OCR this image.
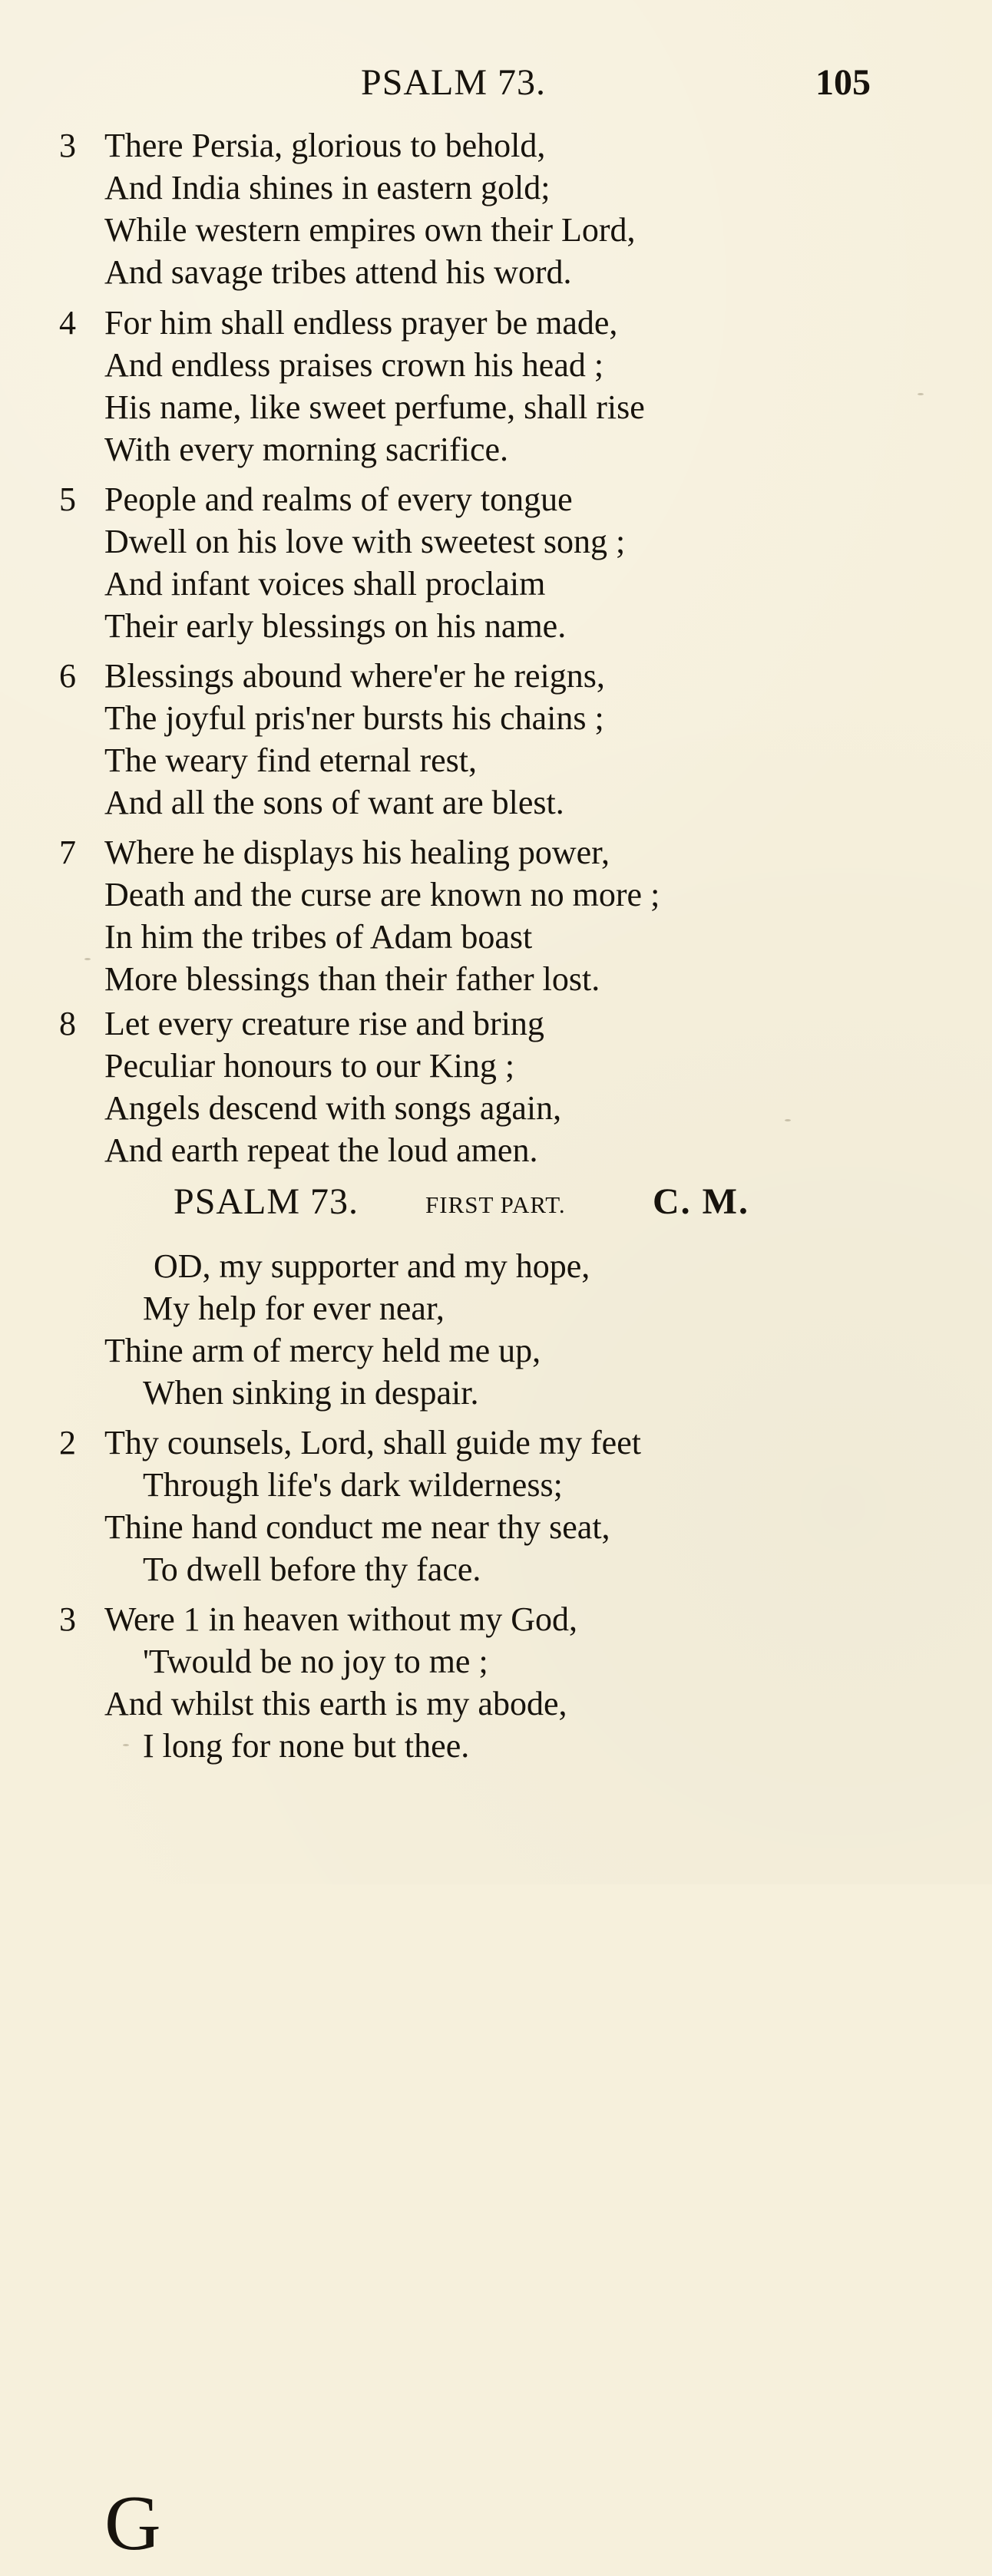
PSALM 73.	105
3 There Persia, glorious to behold,
And India shines in eastern gold;
While western empires own their Lord,
And savage tribes attend his word.
4 For him shall endless prayer be made,
And endless praises crown his head ;
His name, like sweet perfume, shall rise
With every morning sacrifice.
5 People and realms of every tongue
Dwell on his love with sweetest song ;
And infant voices shall proclaim
Their early blessings on his name.
6 Blessings abound where'er he reigns,
The joyful pris'ner bursts his chains ;
The weary find eternal rest,
And all the sons of want are blest.
7 Where he displays his healing power,
Death and the curse are known no more ;
In him the tribes of Adam boast
More blessings than their father lost.
8 Let every creature rise and bring
Peculiar honours to our King ;
Angels descend with songs again,
And earth repeat the loud amen.
PSALM 73.	FIRST PART. C. M.
G
OD, my supporter and my hope,
My help for ever near,
Thine arm of mercy held me up,
When sinking in despair.
2 Thy counsels, Lord, shall guide my feet
Through life's dark wilderness;
Thine hand conduct me near thy seat,
To dwell before thy face.
3 Were 1 in heaven without my God,
'Twould be no joy to me ;
And whilst this earth is my abode,
I long for none but thee.
